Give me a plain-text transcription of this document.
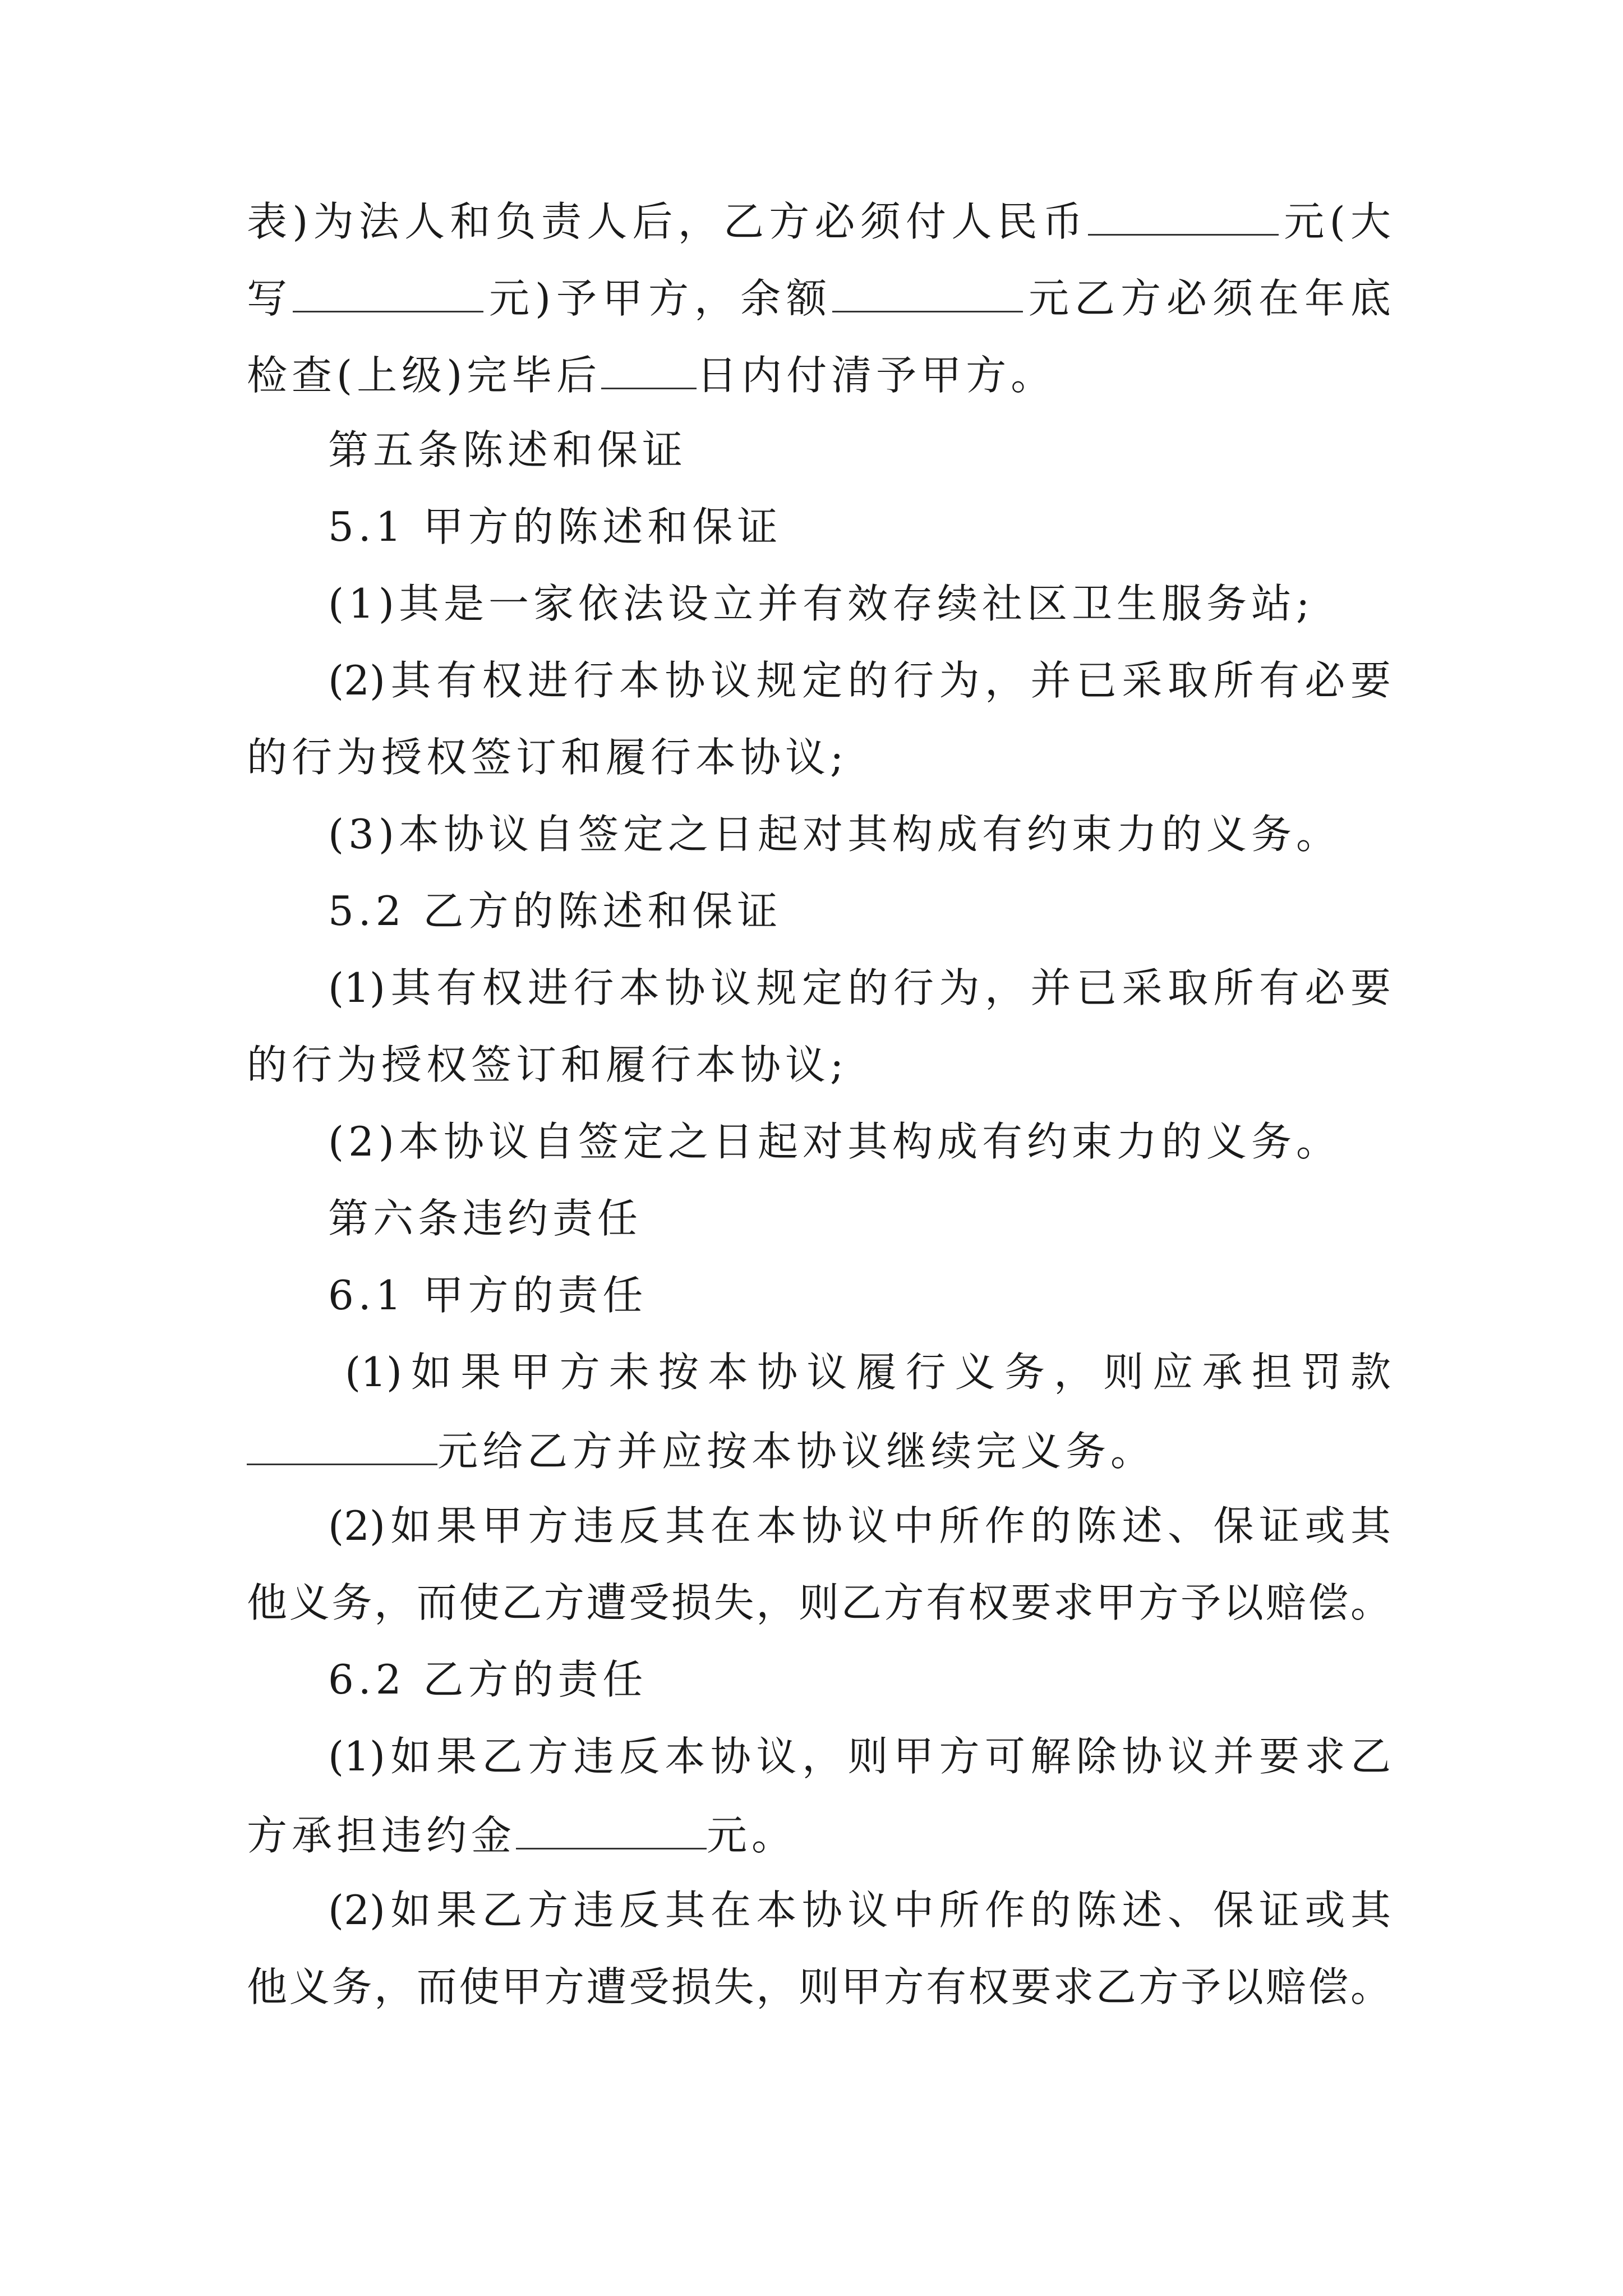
表)为法人和负责人后，乙方必须付人民币	元(大
写	元)予甲方，余额	元乙方必须在年底
检查(上级)完毕后 日内付清予甲方。
第五条陈述和保证
5.1 甲方的陈述和保证
(1)其是一家依法设立并有效存续社区卫生服务站;
(2)其有权进行本协议规定的行为，并已采取所有必要
的行为授权签订和履行本协议;
(3)本协议自签定之日起对其构成有约束力的义务。
5.2 乙方的陈述和保证
(1)其有权进行本协议规定的行为，并已采取所有必要
的行为授权签订和履行本协议;
(2)本协议自签定之日起对其构成有约束力的义务。
第六条违约责任
6.1 甲方的责任
(1)如果甲方未按本协议履行义务，则应承担罚款
元给乙方并应按本协议继续完义务。
(2)如果甲方违反其在本协议中所作的陈述、保证或其
他义务，而使乙方遭受损失，则乙方有权要求甲方予以赔偿。
6.2 乙方的责任
(1)如果乙方违反本协议，则甲方可解除协议并要求乙
方承担违约金	元。
(2)如果乙方违反其在本协议中所作的陈述、保证或其
他义务，而使甲方遭受损失，则甲方有权要求乙方予以赔偿。
